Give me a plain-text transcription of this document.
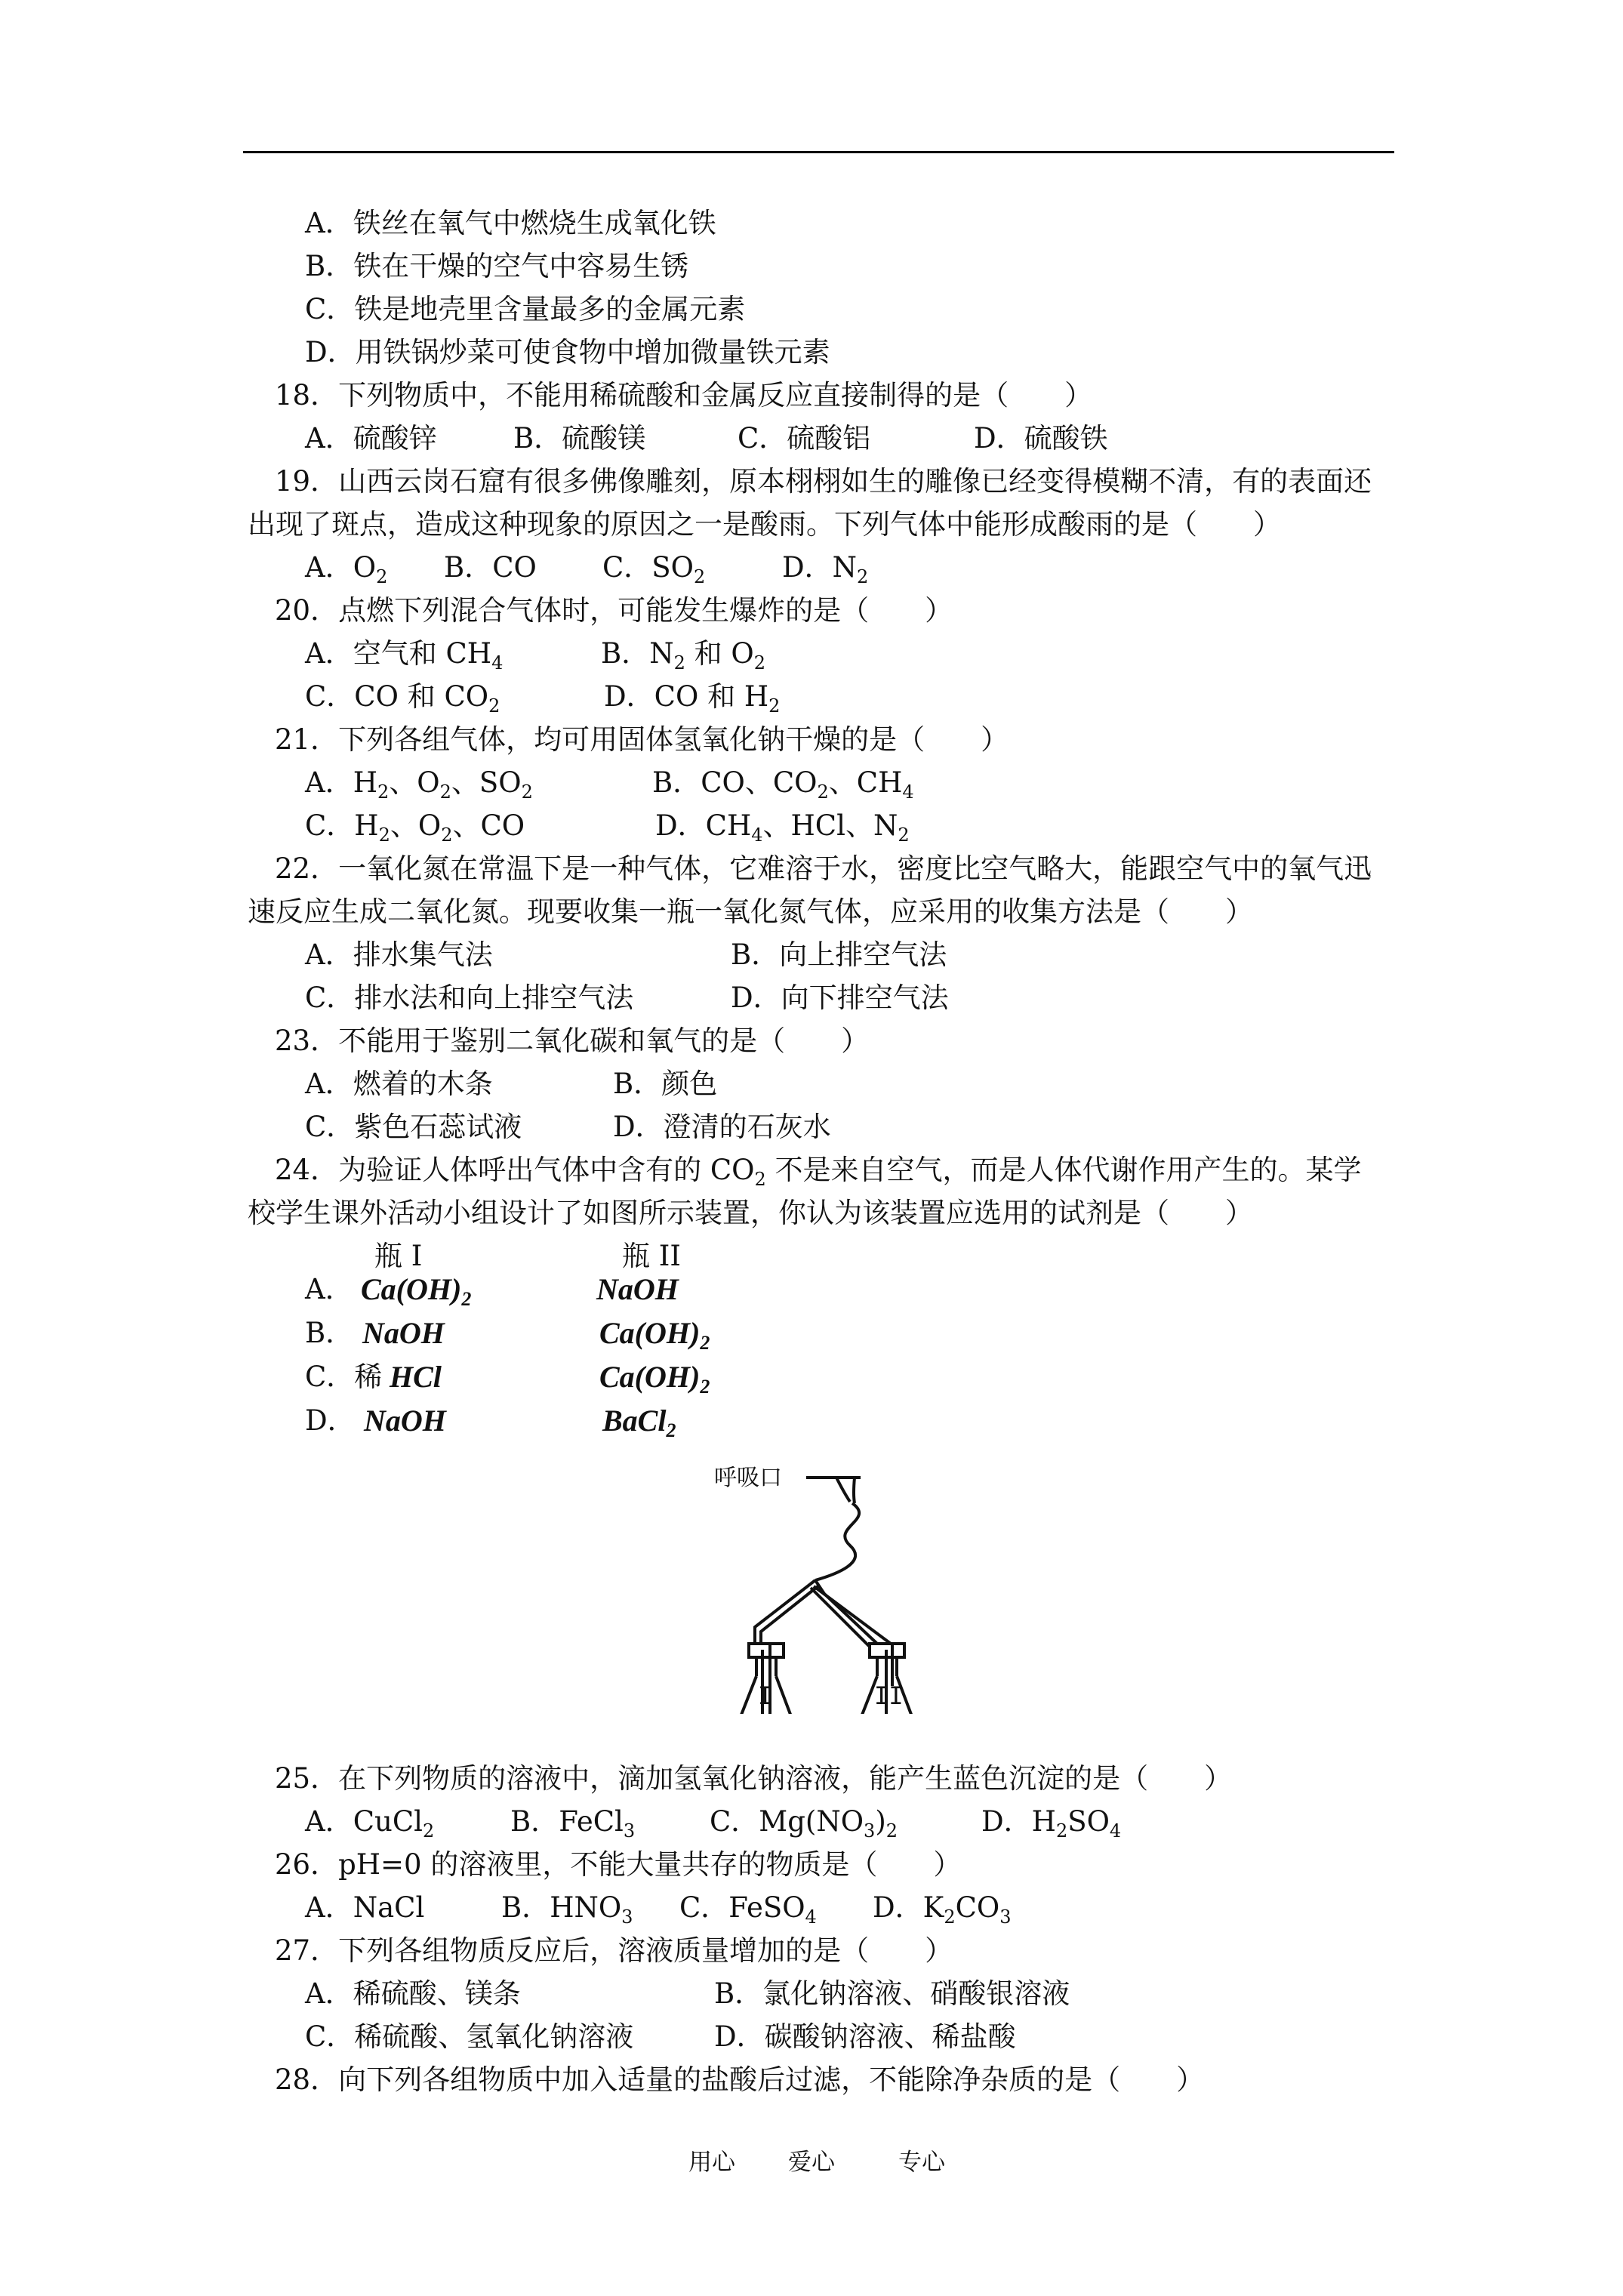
A．铁丝在氧气中燃烧生成氧化铁
B．铁在干燥的空气中容易生锈
C．铁是地壳里含量最多的金属元素
D．用铁锅炒菜可使食物中增加微量铁元素
18．下列物质中，不能用稀硫酸和金属反应直接制得的是（　　）
A．硫酸锌	B．硫酸镁	C．硫酸铝	D．硫酸铁
19．山西云岗石窟有很多佛像雕刻，原本栩栩如生的雕像已经变得模糊不清，有的表面还
出现了斑点，造成这种现象的原因之一是酸雨。下列气体中能形成酸雨的是（　　）
A．$O_2$ B．CO C．$SO_2$	D．$N_2$
20．点燃下列混合气体时，可能发生爆炸的是（　　）
A．空气和 $CH_4$	B．$N_2$ 和 $O_2$
C．CO 和 $CO_2$	D．CO 和 $H_2$
21．下列各组气体，均可用固体氢氧化钠干燥的是（　　）
A．$H_2$、$O_2$、$SO_2$	B．CO、$CO_2$、$CH_4$
C．$H_2$、$O_2$、CO	D．$CH_4$、HCl、$N_2$
22．一氧化氮在常温下是一种气体，它难溶于水，密度比空气略大，能跟空气中的氧气迅
速反应生成二氧化氮。现要收集一瓶一氧化氮气体，应采用的收集方法是（　　）
A．排水集气法	B．向上排空气法
C．排水法和向上排空气法	D．向下排空气法
23．不能用于鉴别二氧化碳和氧气的是（　　）
A．燃着的木条	B．颜色
C．紫色石蕊试液	D．澄清的石灰水
24．为验证人体呼出气体中含有的 $CO_2$ 不是来自空气，而是人体代谢作用产生的。某学
校学生课外活动小组设计了如图所示装置，你认为该装置应选用的试剂是（　　）
瓶 I	瓶 II
A． $Ca(OH)_2$	NaOH
B． NaOH	$Ca(OH)_2$
C．稀 HCl	$Ca(OH)_2$
D． NaOH	BaCl$_2$
呼吸口
I	II
25．在下列物质的溶液中，滴加氢氧化钠溶液，能产生蓝色沉淀的是（　　）
A．CuCl$_2$	B．FeCl$_3$	C．$Mg(NO_3)_2$	D．$H_2SO_4$
26．pH=0 的溶液里，不能大量共存的物质是（　　）
A．NaCl	B．$HNO_3$ C．FeSO$_4$ D．$K_2CO_3$
27．下列各组物质反应后，溶液质量增加的是（　　）
A．稀硫酸、镁条	B．氯化钠溶液、硝酸银溶液
C．稀硫酸、氢氧化钠溶液	D．碳酸钠溶液、稀盐酸
28．向下列各组物质中加入适量的盐酸后过滤，不能除净杂质的是（　　）
用心 爱心	专心
